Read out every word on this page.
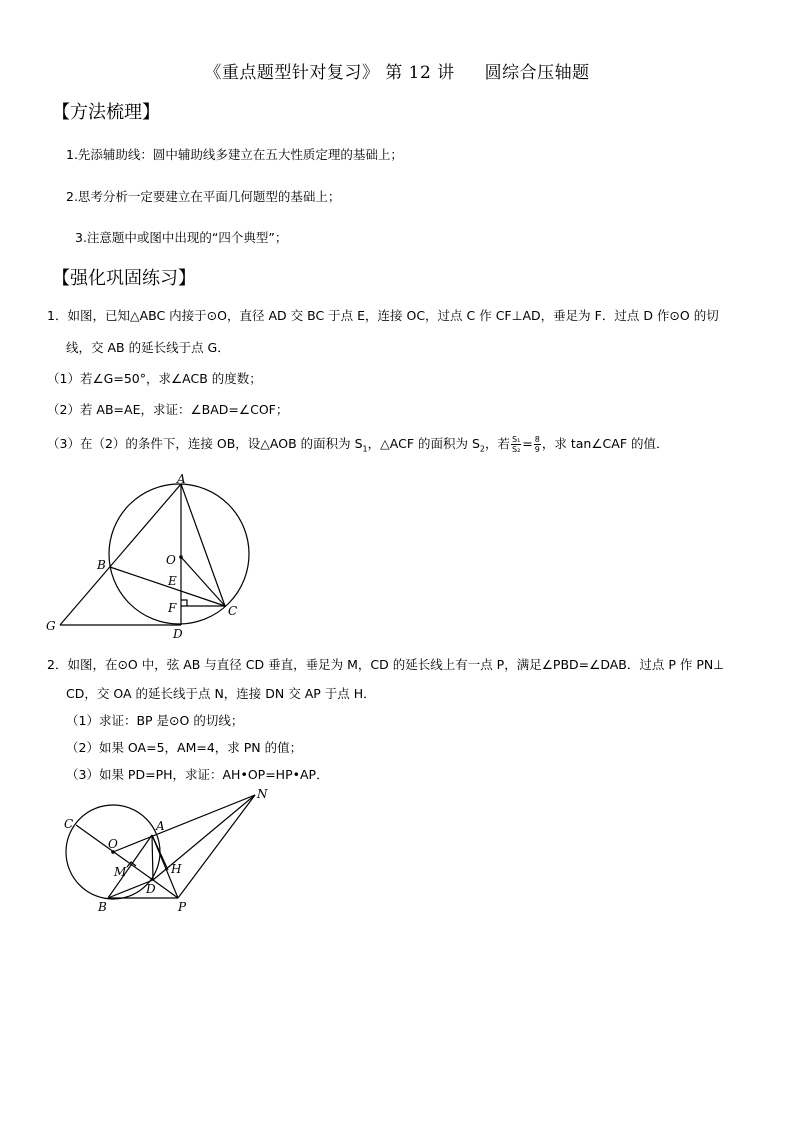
《重点题型针对复习》 第 12 讲 圆综合压轴题
【方法梳理】
1.先添辅助线：圆中辅助线多建立在五大性质定理的基础上；
2.思考分析一定要建立在平面几何题型的基础上；
3.注意题中或图中出现的“四个典型”；
【强化巩固练习】
1．如图，已知△ABC 内接于⊙O，直径 AD 交 BC 于点 E，连接 OC，过点 C 作 CF⊥AD，垂足为 F．过点 D 作⊙O 的切
线，交 AB 的延长线于点 G．
（1）若∠G=50°，求∠ACB 的度数；
（2）若 AB=AE，求证：∠BAD=∠COF；
（3）在（2）的条件下，连接 OB，设△AOB 的面积为 $S_1$，△ACF 的面积为 $S_2$，若 $\frac{\text{S₁}}{\text{S₂}} = \frac{8}{9}$ ，求 tan∠CAF 的值．
A
B	O
E
F	C
G
D
2．如图，在⊙O 中，弦 AB 与直径 CD 垂直，垂足为 M，CD 的延长线上有一点 P，满足∠PBD=∠DAB．过点 P 作 PN⊥
CD，交 OA 的延长线于点 N，连接 DN 交 AP 于点 H．
（1）求证：BP 是⊙O 的切线；
（2）如果 OA=5，AM=4，求 PN 的值；
（3）如果 PD=PH，求证：AH•OP=HP•AP．
N
C	A
O
M	H
D
B	P
